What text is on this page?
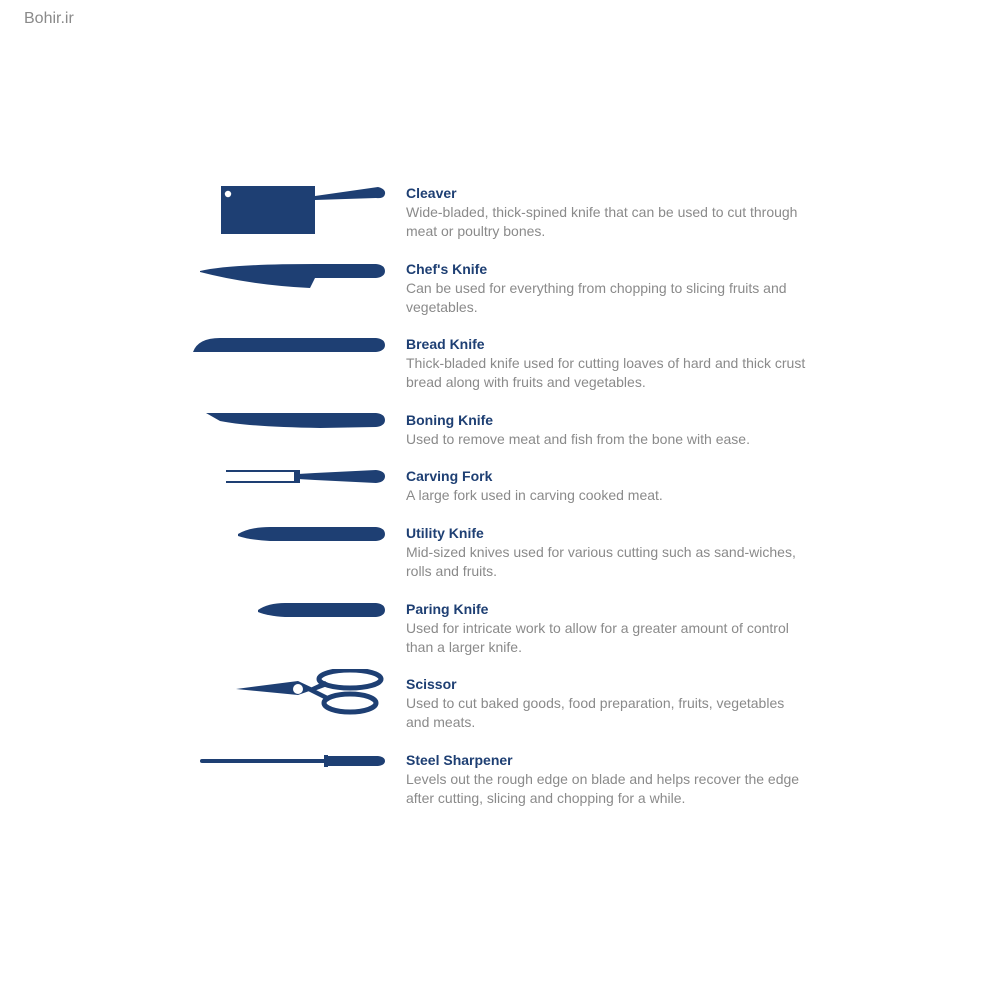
Bohir.ir
Cleaver
Wide-bladed, thick-spined knife that can be used to cut through meat or poultry bones.
Chef's Knife
Can be used for everything from chopping to slicing fruits and vegetables.
Bread Knife
Thick-bladed knife used for cutting loaves of hard and thick crust bread along with fruits and vegetables.
Boning Knife
Used to remove meat and fish from the bone with ease.
Carving Fork
A large fork used in carving cooked meat.
Utility Knife
Mid-sized knives used for various cutting such as sand-wiches, rolls and fruits.
Paring Knife
Used for intricate work to allow for a greater amount of control than a larger knife.
Scissor
Used to cut baked goods, food preparation, fruits, vegetables and meats.
Steel Sharpener
Levels out the rough edge on blade and helps recover the edge after cutting, slicing and chopping for a while.
